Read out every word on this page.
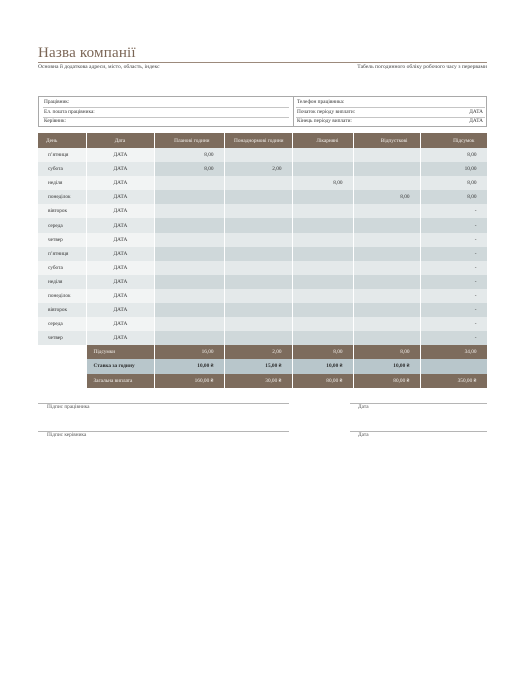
Назва компанії
Основна й додаткова адреси, місто, область, індекс	Табель погодинного обліку робочого часу з перервами
Працівник:
Ел. пошта працівника:
Керівник:
Телефон працівника:
Початок періоду виплати:	ДАТА
Кінець періоду виплати:	ДАТА
День	Дата	Планові години	Понаднормові години	Лікарняні	Відпусткові	Підсумок
п’ятниця	ДАТА	8,00				8,00
субота	ДАТА	8,00	2,00			10,00
неділя	ДАТА			8,00		8,00
понеділок	ДАТА				8,00	8,00
вівторок	ДАТА					-
середа	ДАТА					-
четвер	ДАТА					-
п’ятниця	ДАТА					-
субота	ДАТА					-
неділя	ДАТА					-
понеділок	ДАТА					-
вівторок	ДАТА					-
середа	ДАТА					-
четвер	ДАТА					-
	Підсумки	16,00	2,00	8,00	8,00	34,00
	Ставка за годину	10,00 ₴	15,00 ₴	10,00 ₴	10,00 ₴	
	Загальна виплата	160,00 ₴	30,00 ₴	80,00 ₴	80,00 ₴	350,00 ₴
Підпис працівника	Дата
Підпис керівника	Дата
